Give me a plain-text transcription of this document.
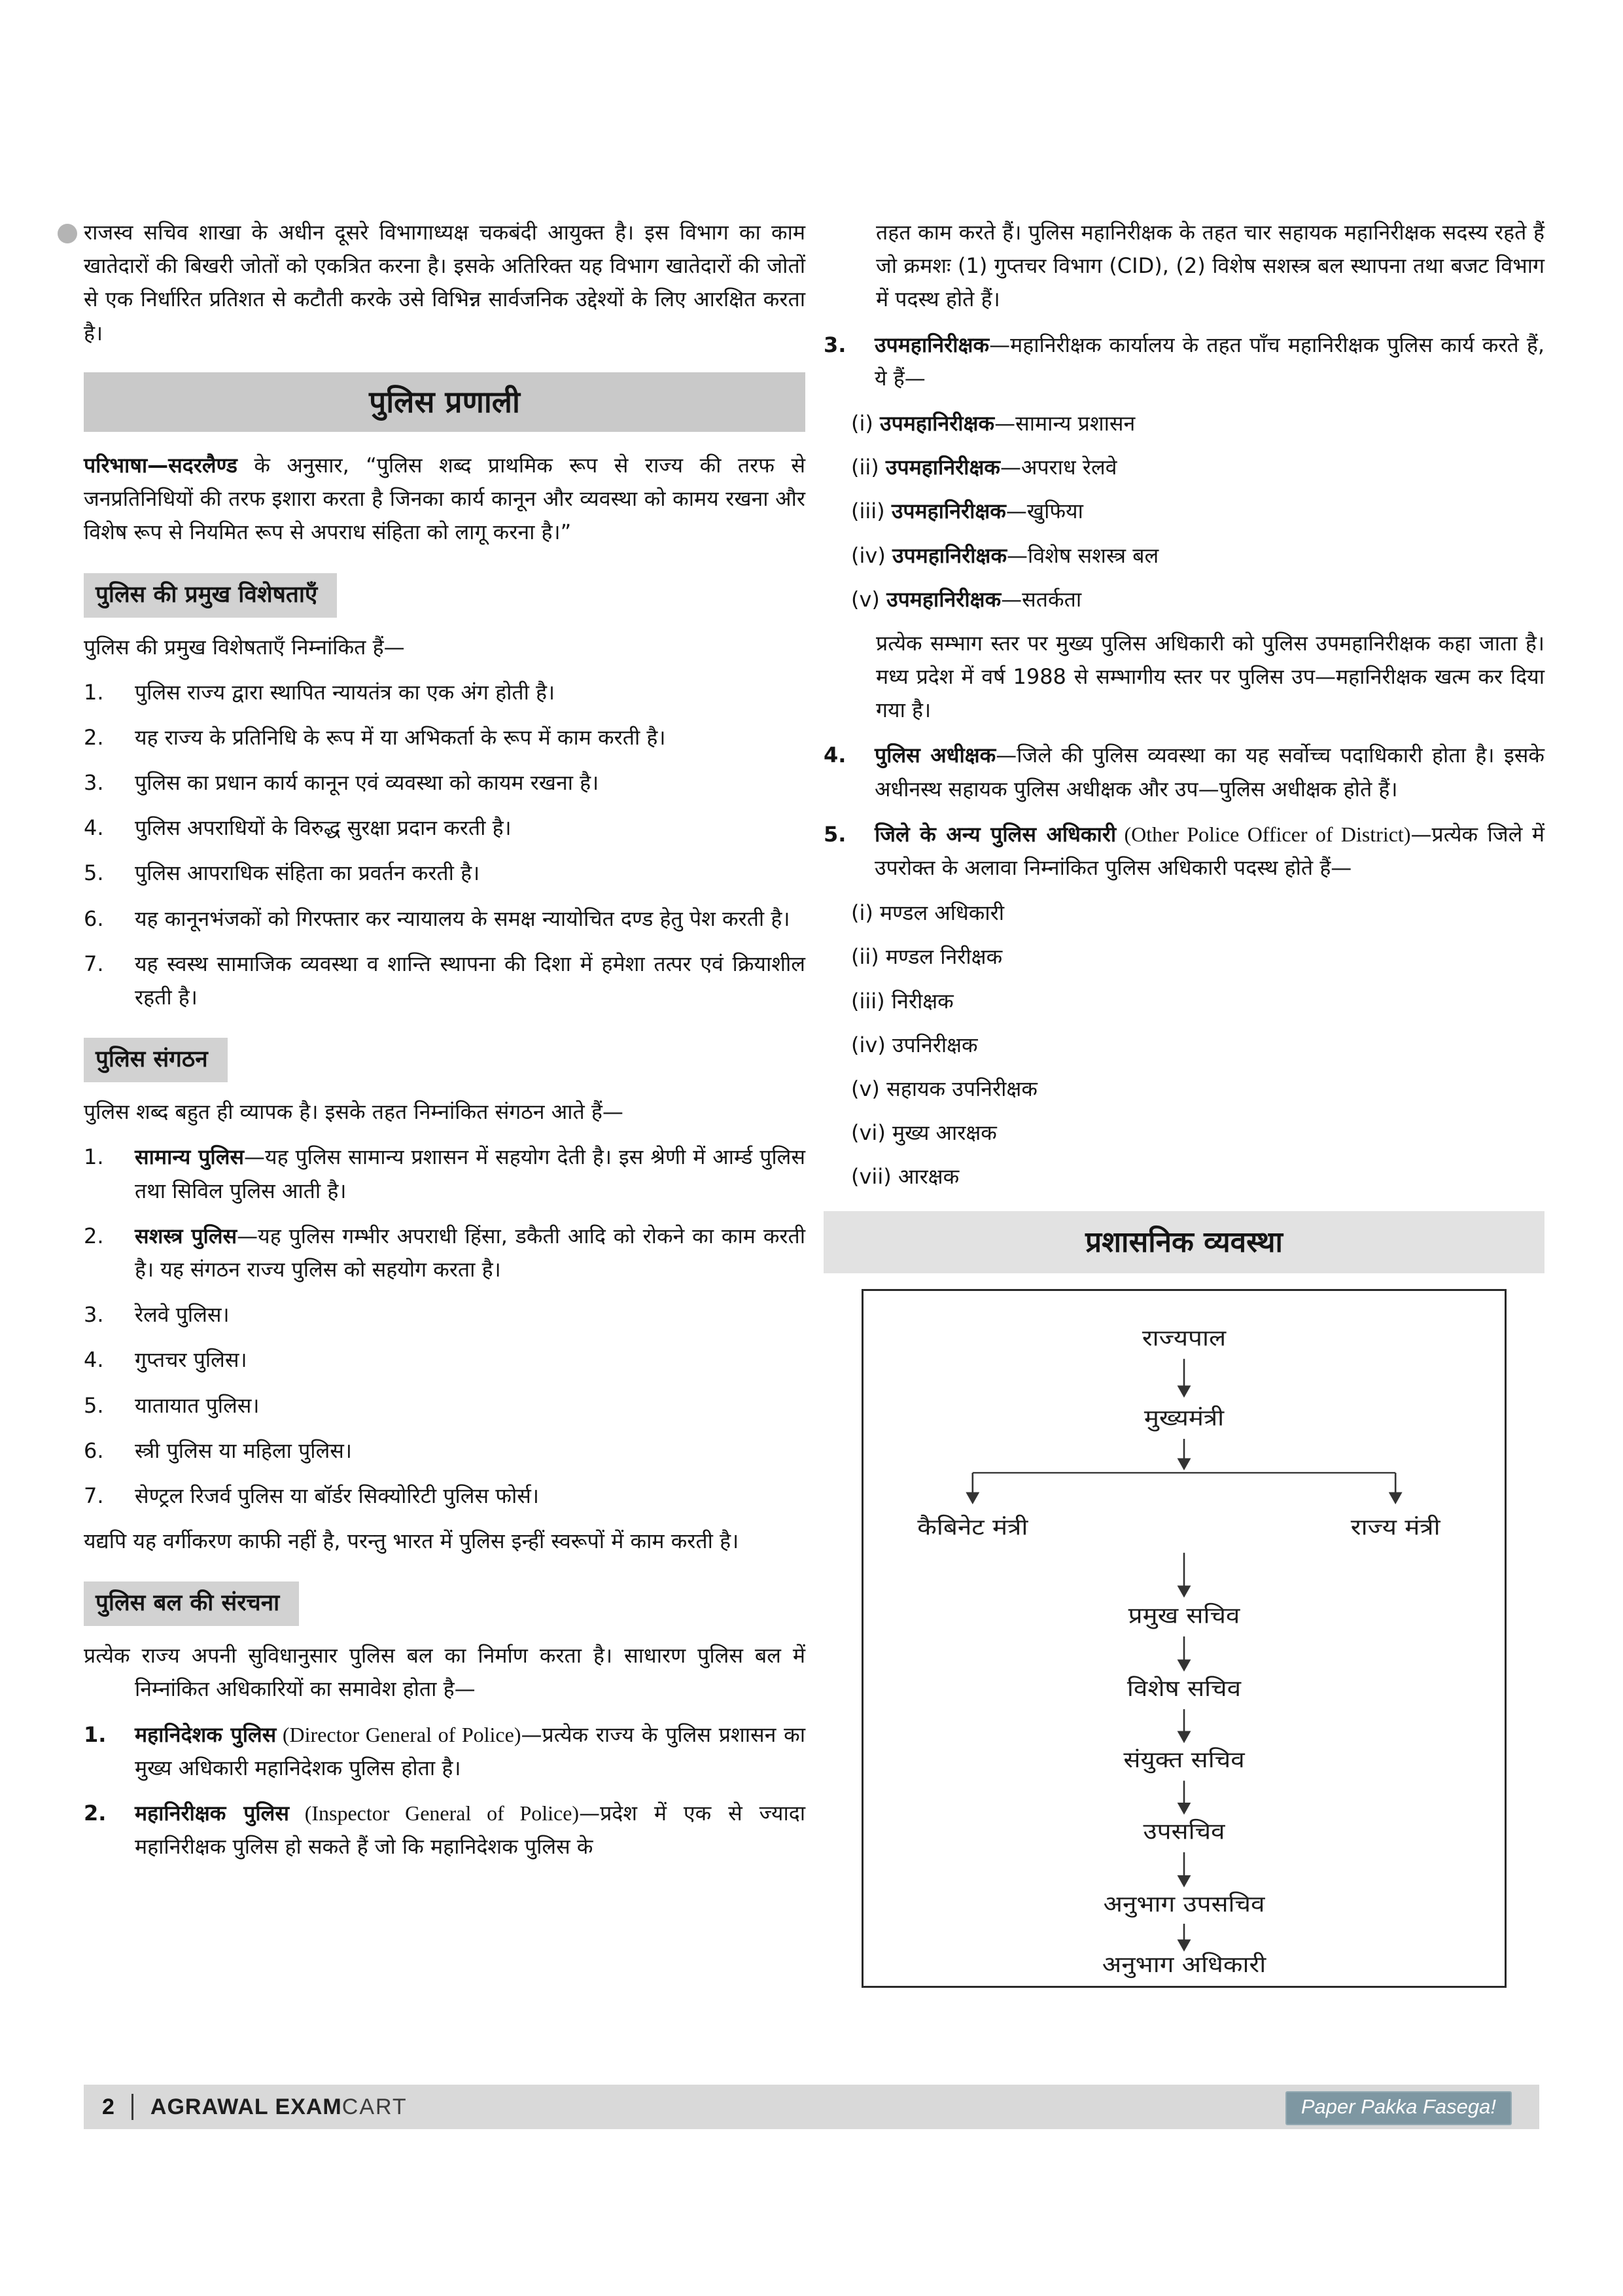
राजस्व सचिव शाखा के अधीन दूसरे विभागाध्यक्ष चकबंदी आयुक्त है। इस विभाग का काम खातेदारों की बिखरी जोतों को एकत्रित करना है। इसके अतिरिक्त यह विभाग खातेदारों की जोतों से एक निर्धारित प्रतिशत से कटौती करके उसे विभिन्न सार्वजनिक उद्देश्यों के लिए आरक्षित करता है।
पुलिस प्रणाली

परिभाषा—सदरलैण्ड के अनुसार, “पुलिस शब्द प्राथमिक रूप से राज्य की तरफ से जनप्रतिनिधियों की तरफ इशारा करता है जिनका कार्य कानून और व्यवस्था को कामय रखना और विशेष रूप से नियमित रूप से अपराध संहिता को लागू करना है।”

पुलिस की प्रमुख विशेषताएँ

पुलिस की प्रमुख विशेषताएँ निम्नांकित हैं—

1. पुलिस राज्य द्वारा स्थापित न्यायतंत्र का एक अंग होती है।
2. यह राज्य के प्रतिनिधि के रूप में या अभिकर्ता के रूप में काम करती है।
3. पुलिस का प्रधान कार्य कानून एवं व्यवस्था को कायम रखना है।
4. पुलिस अपराधियों के विरुद्ध सुरक्षा प्रदान करती है।
5. पुलिस आपराधिक संहिता का प्रवर्तन करती है।
6. यह कानूनभंजकों को गिरफ्तार कर न्यायालय के समक्ष न्यायोचित दण्ड हेतु पेश करती है।
7. यह स्वस्थ सामाजिक व्यवस्था व शान्ति स्थापना की दिशा में हमेशा तत्पर एवं क्रियाशील रहती है।
पुलिस संगठन

पुलिस शब्द बहुत ही व्यापक है। इसके तहत निम्नांकित संगठन आते हैं—

1. सामान्य पुलिस—यह पुलिस सामान्य प्रशासन में सहयोग देती है। इस श्रेणी में आर्म्ड पुलिस तथा सिविल पुलिस आती है।
2. सशस्त्र पुलिस—यह पुलिस गम्भीर अपराधी हिंसा, डकैती आदि को रोकने का काम करती है। यह संगठन राज्य पुलिस को सहयोग करता है।
3. रेलवे पुलिस।
4. गुप्तचर पुलिस।
5. यातायात पुलिस।
6. स्त्री पुलिस या महिला पुलिस।
7. सेण्ट्रल रिजर्व पुलिस या बॉर्डर सिक्योरिटी पुलिस फोर्स।
यद्यपि यह वर्गीकरण काफी नहीं है, परन्तु भारत में पुलिस इन्हीं स्वरूपों में काम करती है।
पुलिस बल की संरचना
प्रत्येक राज्य अपनी सुविधानुसार पुलिस बल का निर्माण करता है। साधारण पुलिस बल में निम्नांकित अधिकारियों का समावेश होता है—
1. महानिदेशक पुलिस (Director General of Police)—प्रत्येक राज्य के पुलिस प्रशासन का मुख्य अधिकारी महानिदेशक पुलिस होता है।
2. महानिरीक्षक पुलिस (Inspector General of Police)—प्रदेश में एक से ज्यादा महानिरीक्षक पुलिस हो सकते हैं जो कि महानिदेशक पुलिस के
तहत काम करते हैं। पुलिस महानिरीक्षक के तहत चार सहायक महानिरीक्षक सदस्य रहते हैं जो क्रमशः (1) गुप्तचर विभाग (CID), (2) विशेष सशस्त्र बल स्थापना तथा बजट विभाग में पदस्थ होते हैं।
3. उपमहानिरीक्षक—महानिरीक्षक कार्यालय के तहत पाँच महानिरीक्षक पुलिस कार्य करते हैं, ये हैं—
(i) उपमहानिरीक्षक—सामान्य प्रशासन
(ii) उपमहानिरीक्षक—अपराध रेलवे
(iii) उपमहानिरीक्षक—खुफिया
(iv) उपमहानिरीक्षक—विशेष सशस्त्र बल
(v) उपमहानिरीक्षक—सतर्कता
प्रत्येक सम्भाग स्तर पर मुख्य पुलिस अधिकारी को पुलिस उपमहानिरीक्षक कहा जाता है। मध्य प्रदेश में वर्ष 1988 से सम्भागीय स्तर पर पुलिस उप—महानिरीक्षक खत्म कर दिया गया है।
4. पुलिस अधीक्षक—जिले की पुलिस व्यवस्था का यह सर्वोच्च पदाधिकारी होता है। इसके अधीनस्थ सहायक पुलिस अधीक्षक और उप—पुलिस अधीक्षक होते हैं।
5. जिले के अन्य पुलिस अधिकारी (Other Police Officer of District)—प्रत्येक जिले में उपरोक्त के अलावा निम्नांकित पुलिस अधिकारी पदस्थ होते हैं—
(i) मण्डल अधिकारी
(ii) मण्डल निरीक्षक
(iii) निरीक्षक
(iv) उपनिरीक्षक
(v) सहायक उपनिरीक्षक
(vi) मुख्य आरक्षक
(vii) आरक्षक
प्रशासनिक व्यवस्था
राज्यपाल
मुख्यमंत्री
कैबिनेट मंत्री	राज्य मंत्री
प्रमुख सचिव
विशेष सचिव
संयुक्त सचिव
उपसचिव
अनुभाग उपसचिव
अनुभाग अधिकारी
2 AGRAWAL EXAMCART	Paper Pakka Fasega!
